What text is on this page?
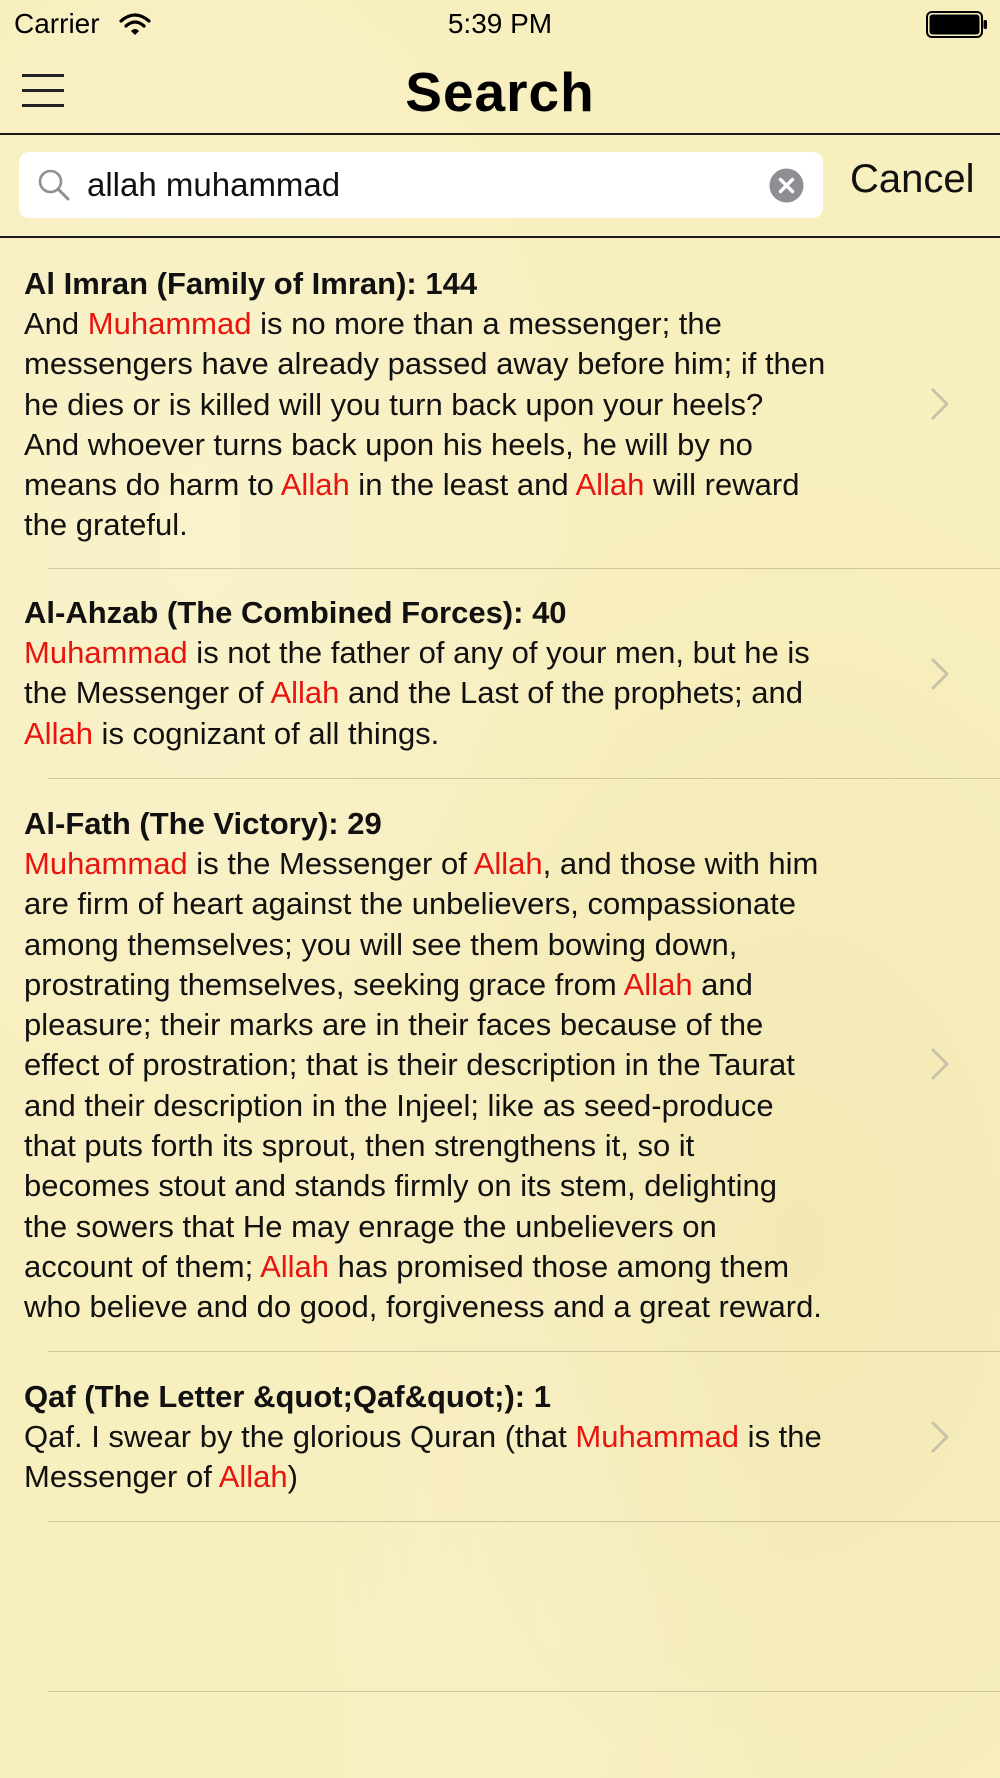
Carrier	5:39 PM
Search
allah muhammad
Cancel
Al Imran (Family of Imran): 144
And Muhammad is no more than a messenger; the
messengers have already passed away before him; if then
he dies or is killed will you turn back upon your heels?
And whoever turns back upon his heels, he will by no
means do harm to Allah in the least and Allah will reward
the grateful.
Al-Ahzab (The Combined Forces): 40
Muhammad is not the father of any of your men, but he is
the Messenger of Allah and the Last of the prophets; and
Allah is cognizant of all things.
Al-Fath (The Victory): 29
Muhammad is the Messenger of Allah, and those with him
are firm of heart against the unbelievers, compassionate
among themselves; you will see them bowing down,
prostrating themselves, seeking grace from Allah and
pleasure; their marks are in their faces because of the
effect of prostration; that is their description in the Taurat
and their description in the Injeel; like as seed-produce
that puts forth its sprout, then strengthens it, so it
becomes stout and stands firmly on its stem, delighting
the sowers that He may enrage the unbelievers on
account of them; Allah has promised those among them
who believe and do good, forgiveness and a great reward.
Qaf (The Letter &quot;Qaf&quot;): 1
Qaf. I swear by the glorious Quran (that Muhammad is the
Messenger of Allah)
